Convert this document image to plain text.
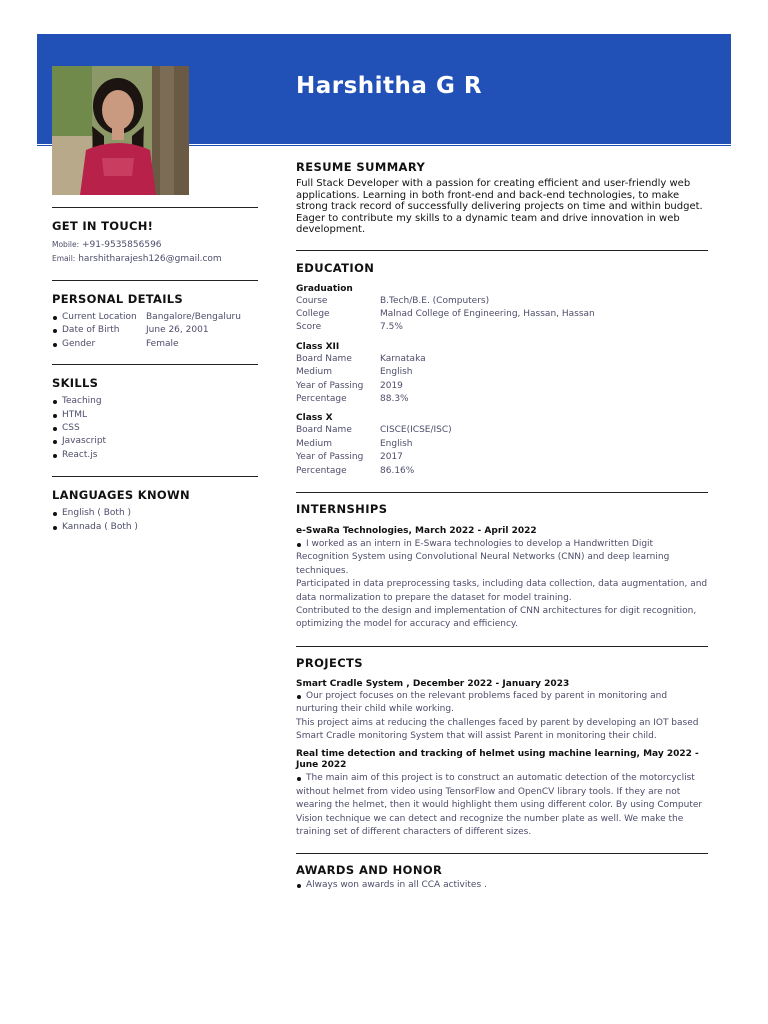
Harshitha G R
GET IN TOUCH!
Mobile: +91-9535856596
Email: harshitharajesh126@gmail.com
PERSONAL DETAILS
Current Location	Bangalore/Bengaluru
Date of Birth	June 26, 2001
Gender	Female
SKILLS
Teaching
HTML
CSS
Javascript
React.js
LANGUAGES KNOWN
English ( Both )
Kannada ( Both )
RESUME SUMMARY
Full Stack Developer with a passion for creating efficient and user-friendly web applications. Learning in both front-end and back-end technologies, to make strong track record of successfully delivering projects on time and within budget. Eager to contribute my skills to a dynamic team and drive innovation in web development.
EDUCATION
Graduation
Course	B.Tech/B.E. (Computers)
College	Malnad College of Engineering, Hassan, Hassan
Score	7.5%
Class XII
Board Name	Karnataka
Medium	English
Year of Passing	2019
Percentage	88.3%
Class X
Board Name	CISCE(ICSE/ISC)
Medium	English
Year of Passing	2017
Percentage	86.16%
INTERNSHIPS
e-SwaRa Technologies, March 2022 - April 2022
I worked as an intern in E-Swara technologies to develop a Handwritten Digit Recognition System using Convolutional Neural Networks (CNN) and deep learning techniques.
Participated in data preprocessing tasks, including data collection, data augmentation, and data normalization to prepare the dataset for model training.
Contributed to the design and implementation of CNN architectures for digit recognition, optimizing the model for accuracy and efficiency.
PROJECTS
Smart Cradle System , December 2022 - January 2023
Our project focuses on the relevant problems faced by parent in monitoring and nurturing their child while working.
This project aims at reducing the challenges faced by parent by developing an IOT based Smart Cradle monitoring System that will assist Parent in monitoring their child.
Real time detection and tracking of helmet using machine learning, May 2022 - June 2022
The main aim of this project is to construct an automatic detection of the motorcyclist without helmet from video using TensorFlow and OpenCV library tools. If they are not wearing the helmet, then it would highlight them using different color. By using Computer Vision technique we can detect and recognize the number plate as well. We make the training set of different characters of different sizes.
AWARDS AND HONOR
Always won awards in all CCA activites .
